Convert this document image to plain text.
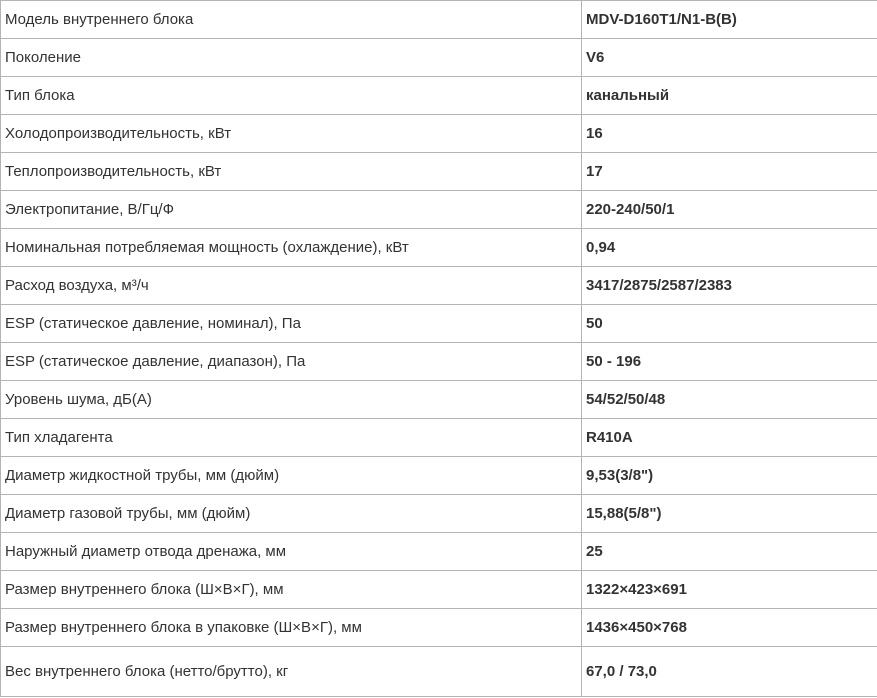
Модель внутреннего блока	MDV-D160T1/N1-B(B)
Поколение	V6
Тип блока	канальный
Холодопроизводительность, кВт	16
Теплопроизводительность, кВт	17
Электропитание, В/Гц/Ф	220-240/50/1
Номинальная потребляемая мощность (охлаждение), кВт	0,94
Расход воздуха, м³/ч	3417/2875/2587/2383
ESP (статическое давление, номинал), Па	50
ESP (статическое давление, диапазон), Па	50 - 196
Уровень шума, дБ(А)	54/52/50/48
Тип хладагента	R410A
Диаметр жидкостной трубы, мм (дюйм)	9,53(3/8")
Диаметр газовой трубы, мм (дюйм)	15,88(5/8")
Наружный диаметр отвода дренажа, мм	25
Размер внутреннего блока (Ш×В×Г), мм	1322×423×691
Размер внутреннего блока в упаковке (Ш×В×Г), мм	1436×450×768
Вес внутреннего блока (нетто/брутто), кг	67,0 / 73,0
